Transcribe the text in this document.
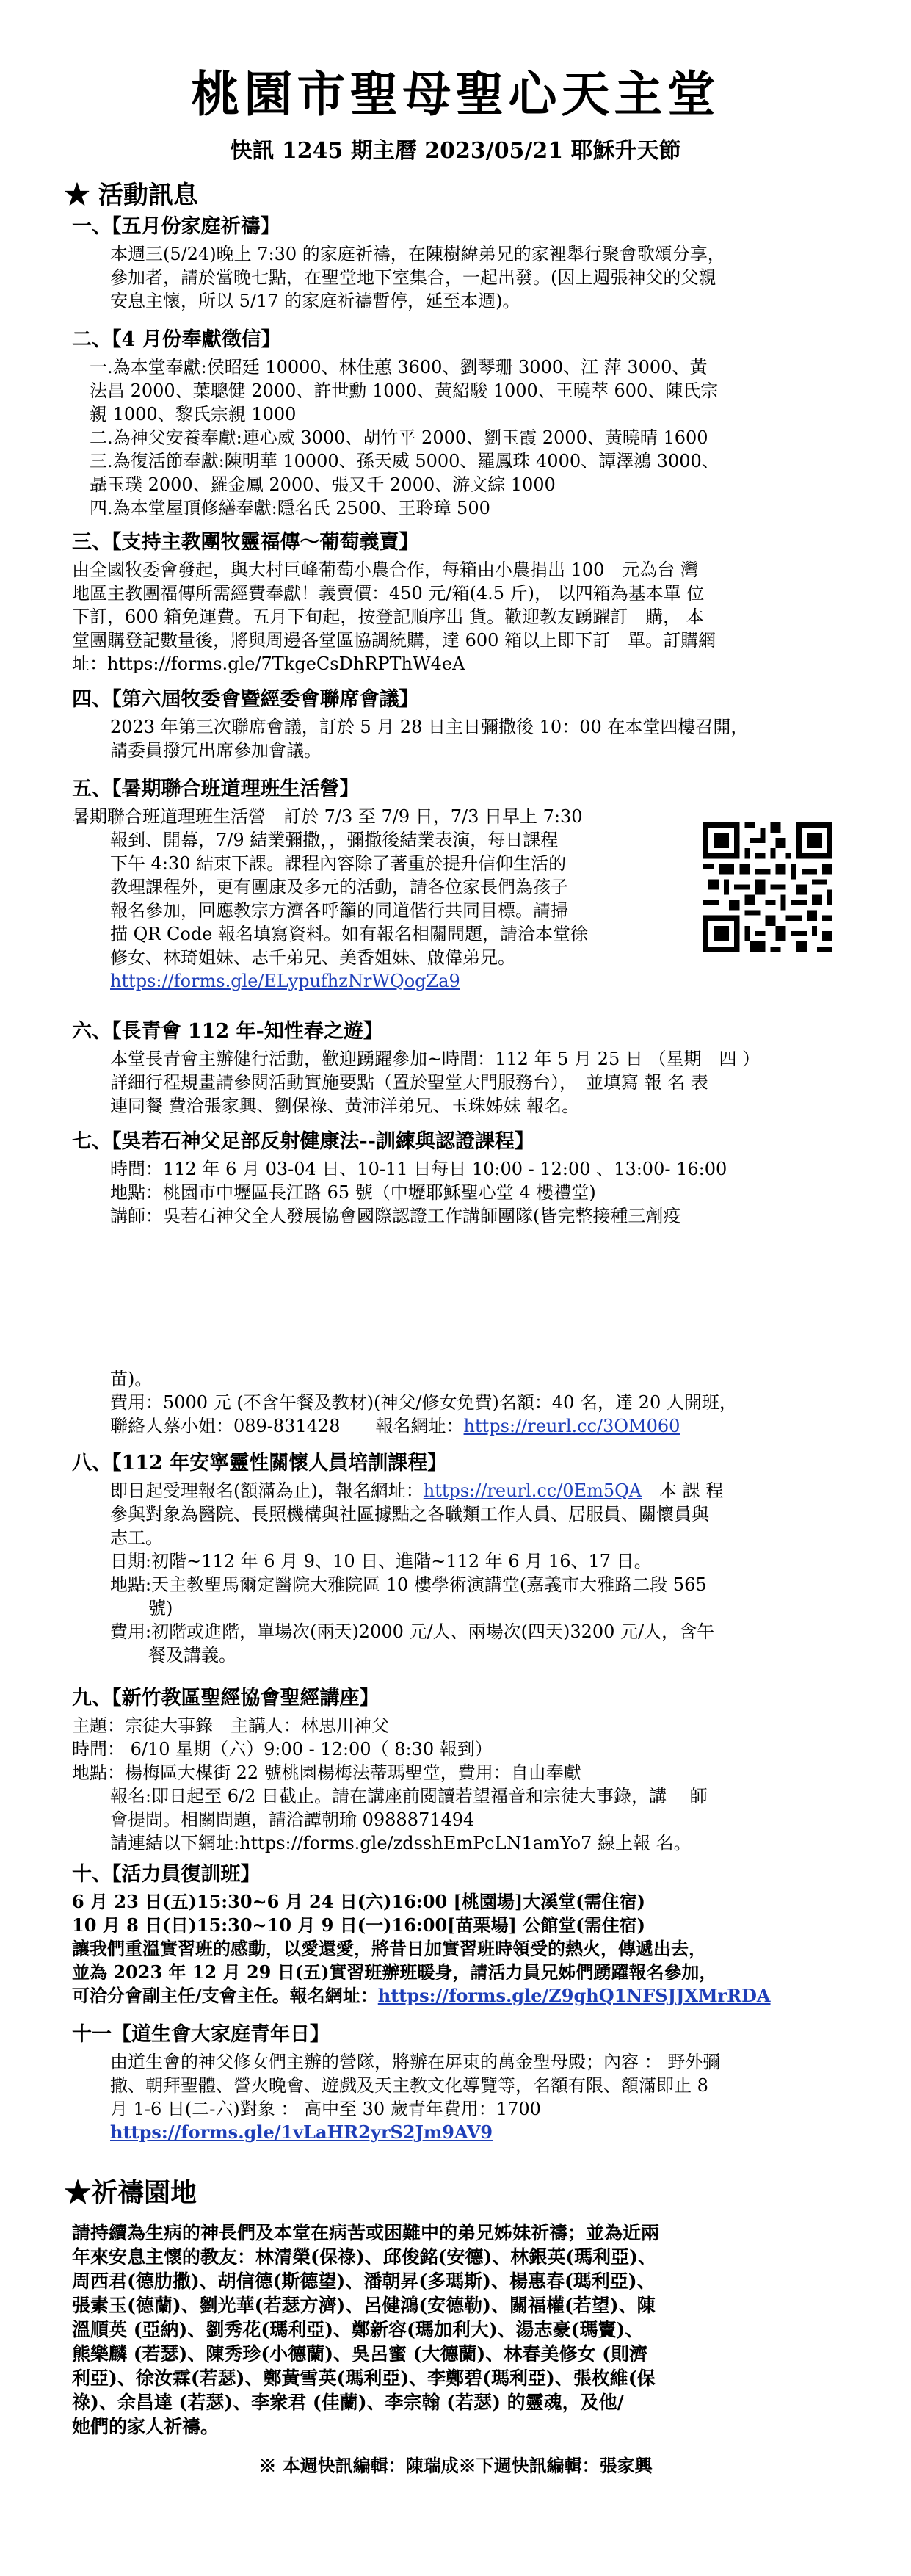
桃園市聖母聖心天主堂

快訊 1245 期主曆 2023/05/21 耶穌升天節

★ 活動訊息

一、【五月份家庭祈禱】

本週三(5/24)晚上 7:30 的家庭祈禱，在陳樹緯弟兄的家裡舉行聚會歌頌分享，

參加者，請於當晚七點，在聖堂地下室集合，一起出發。(因上週張神父的父親

安息主懷，所以 5/17 的家庭祈禱暫停，延至本週)。

二、【4 月份奉獻徵信】

一.為本堂奉獻:侯昭廷 10000、林佳蕙 3600、劉琴珊 3000、江 萍 3000、黃

法昌 2000、葉聰健 2000、許世勳 1000、黃紹駿 1000、王曉萃 600、陳氏宗

親 1000、黎氏宗親 1000

二.為神父安養奉獻:連心威 3000、胡竹平 2000、劉玉霞 2000、黃曉晴 1600

三.為復活節奉獻:陳明華 10000、孫天威 5000、羅鳳珠 4000、譚澤鴻 3000、

聶玉璞 2000、羅金鳳 2000、張又千 2000、游文綜 1000

四.為本堂屋頂修繕奉獻:隱名氏 2500、王聆璋 500

三、【支持主教團牧靈福傳～葡萄義賣】

由全國牧委會發起，與大村巨峰葡萄小農合作，每箱由小農捐出 100　元為台 灣

地區主教團福傳所需經費奉獻！義賣價：450 元/箱(4.5 斤)， 以四箱為基本單 位

下訂，600 箱免運費。五月下旬起，按登記順序出 貨。歡迎教友踴躍訂　購， 本

堂團購登記數量後，將與周邊各堂區協調統購，達 600 箱以上即下訂　單。訂購網

址：https://forms.gle/7TkgeCsDhRPThW4eA

四、【第六屆牧委會暨經委會聯席會議】

2023 年第三次聯席會議，訂於 5 月 28 日主日彌撒後 10：00 在本堂四樓召開，

請委員撥冗出席參加會議。

五、【暑期聯合班道理班生活營】

暑期聯合班道理班生活營　訂於 7/3 至 7/9 日，7/3 日早上 7:30

報到、開幕，7/9 結業彌撒，，彌撒後結業表演，每日課程

下午 4:30 結束下課。課程內容除了著重於提升信仰生活的

教理課程外，更有團康及多元的活動，請各位家長們為孩子

報名參加，回應教宗方濟各呼籲的同道偕行共同目標。請掃

描 QR Code 報名填寫資料。如有報名相關問題，請洽本堂徐

修女、林琦姐妹、志千弟兄、美香姐妹、啟偉弟兄。

https://forms.gle/ELypufhzNrWQogZa9

六、【長青會 112 年-知性春之遊】

本堂長青會主辦健行活動，歡迎踴躍參加~時間：112 年 5 月 25 日 （星期　四 ）

詳細行程規畫請參閱活動實施要點（置於聖堂大門服務台），　並填寫 報 名 表

連同餐 費洽張家興、劉保祿、黃沛洋弟兄、玉珠姊妹 報名。

七、【吳若石神父足部反射健康法--訓練與認證課程】

時間：112 年 6 月 03-04 日、10-11 日每日 10:00 - 12:00 、13:00- 16:00

地點：桃園市中壢區長江路 65 號（中壢耶穌聖心堂 4 樓禮堂)

講師：吳若石神父全人發展協會國際認證工作講師團隊(皆完整接種三劑疫

苗)。

費用：5000 元 (不含午餐及教材)(神父/修女免費)名額：40 名，達 20 人開班，

聯絡人蔡小姐：089-831428　　報名網址：https://reurl.cc/3OM060

八、【112 年安寧靈性關懷人員培訓課程】

即日起受理報名(額滿為止)，報名網址：https://reurl.cc/0Em5QA　本 課 程

參與對象為醫院、長照機構與社區據點之各職類工作人員、居服員、關懷員與

志工。

日期:初階~112 年 6 月 9、10 日、進階~112 年 6 月 16、17 日。

地點:天主教聖馬爾定醫院大雅院區 10 樓學術演講堂(嘉義市大雅路二段 565

號)

費用:初階或進階，單場次(兩天)2000 元/人、兩場次(四天)3200 元/人，含午

餐及講義。

九、【新竹教區聖經協會聖經講座】

主題：宗徒大事錄　主講人：林思川神父

時間： 6/10 星期（六）9:00 - 12:00（ 8:30 報到）

地點：楊梅區大楳街 22 號桃園楊梅法蒂瑪聖堂，費用：自由奉獻

報名:即日起至 6/2 日截止。請在講座前閱讀若望福音和宗徒大事錄，講　 師

會提問。相關問題，請洽譚朝瑜 0988871494

請連結以下網址:https://forms.gle/zdsshEmPcLN1amYo7 線上報 名。

十、【活力員復訓班】

6 月 23 日(五)15:30~6 月 24 日(六)16:00 [桃園場]大溪堂(需住宿)

10 月 8 日(日)15:30~10 月 9 日(一)16:00[苗栗場] 公館堂(需住宿)

讓我們重溫實習班的感動，以愛還愛，將昔日加實習班時領受的熱火，傳遞出去，

並為 2023 年 12 月 29 日(五)實習班辦班暖身，請活力員兄姊們踴躍報名參加，

可洽分會副主任/支會主任。報名網址：https://forms.gle/Z9ghQ1NFSJJXMrRDA

十一【道生會大家庭青年日】

由道生會的神父修女們主辦的營隊，將辦在屏東的萬金聖母殿；內容 ： 野外彌

撒、朝拜聖體、營火晚會、遊戲及天主教文化導覽等，名額有限、額滿即止 8

月 1-6 日(二-六)對象 ： 高中至 30 歲青年費用：1700

https://forms.gle/1vLaHR2yrS2Jm9AV9

★祈禱園地

請持續為生病的神長們及本堂在病苦或困難中的弟兄姊妹祈禱；並為近兩

年來安息主懷的教友：林清榮(保祿)、邱俊銘(安德)、林銀英(瑪利亞)、

周西君(德肋撒)、胡信德(斯德望)、潘朝昇(多瑪斯)、楊惠春(瑪利亞)、

張素玉(德蘭)、劉光華(若瑟方濟)、呂健鴻(安德勒)、關福權(若望)、陳

溫順英 (亞納)、劉秀花(瑪利亞)、鄭新容(瑪加利大)、湯志豪(瑪竇)、

熊樂麟 (若瑟)、陳秀珍(小德蘭)、吳呂蜜 (大德蘭)、林春美修女 (則濟

利亞)、徐汝霖(若瑟)、鄭黃雪英(瑪利亞)、李鄭碧(瑪利亞)、張枚維(保

祿)、余昌達 (若瑟)、李衆君 (佳蘭)、李宗翰 (若瑟) 的靈魂，及他/

她們的家人祈禱。

※ 本週快訊編輯：陳瑞成※下週快訊編輯：張家興
